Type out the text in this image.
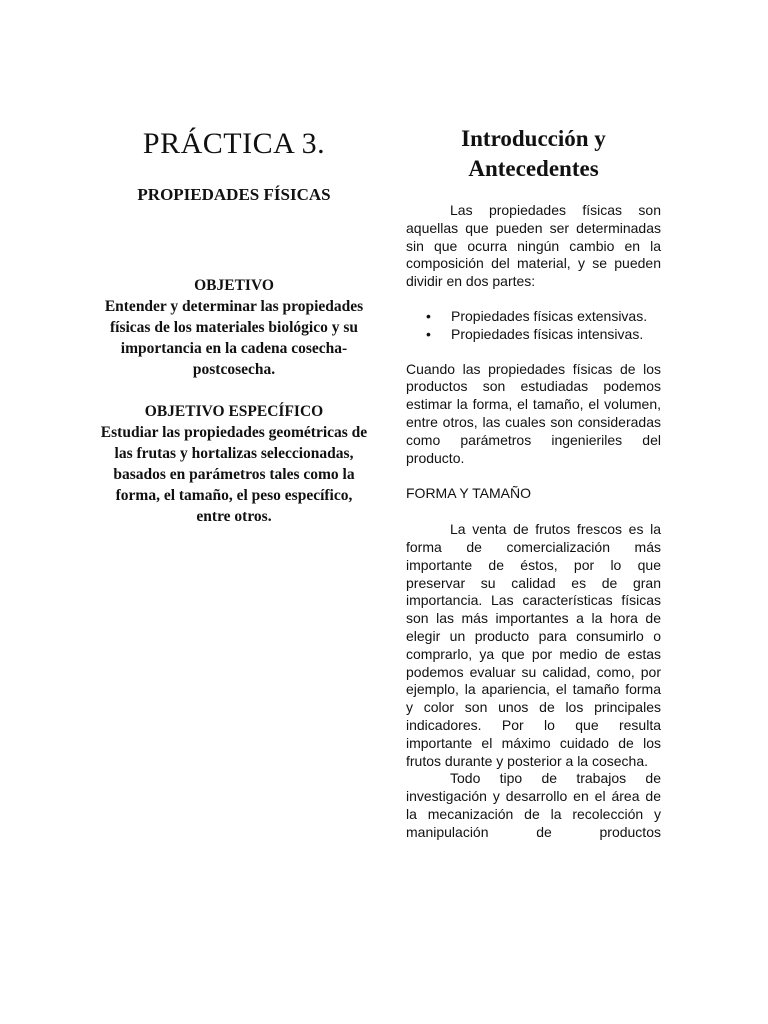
PRÁCTICA 3.
PROPIEDADES FÍSICAS
OBJETIVO
Entender y determinar las propiedades físicas de los materiales biológico y su importancia en la cadena cosecha-postcosecha.
OBJETIVO ESPECÍFICO
Estudiar las propiedades geométricas de las frutas y hortalizas seleccionadas, basados en parámetros tales como la forma, el tamaño, el peso específico, entre otros.
Introducción y
Antecedentes

Las propiedades físicas son aquellas que pueden ser determinadas sin que ocurra ningún cambio en la composición del material, y se pueden dividir en dos partes:

• Propiedades físicas extensivas.
• Propiedades físicas intensivas.

Cuando las propiedades físicas de los productos son estudiadas podemos estimar la forma, el tamaño, el volumen, entre otros, las cuales son consideradas como parámetros ingenieriles del producto.

FORMA Y TAMAÑO

La venta de frutos frescos es la forma de comercialización más importante de éstos, por lo que preservar su calidad es de gran importancia. Las características físicas son las más importantes a la hora de elegir un producto para consumirlo o comprarlo, ya que por medio de estas podemos evaluar su calidad, como, por ejemplo, la apariencia, el tamaño forma y color son unos de los principales indicadores. Por lo que resulta importante el máximo cuidado de los frutos durante y posterior a la cosecha.

Todo tipo de trabajos de investigación y desarrollo en el área de la mecanización de la recolección y manipulación de productos
